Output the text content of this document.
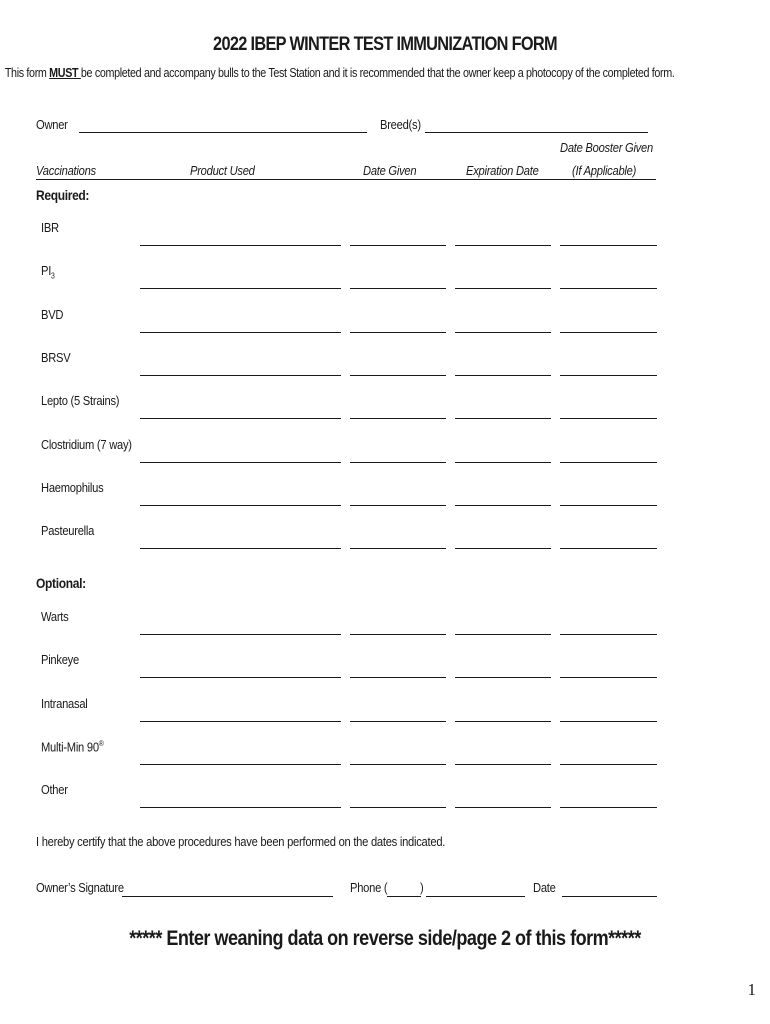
2022 IBEP WINTER TEST IMMUNIZATION FORM
This form MUST be completed and accompany bulls to the Test Station and it is recommended that the owner keep a photocopy of the completed form.
Owner	Breed(s)
Date Booster Given
Vaccinations	Product Used	Date Given	Expiration Date	(If Applicable)
Required:
IBR
$PI_3$
BVD
BRSV
Lepto (5 Strains)
Clostridium (7 way)
Haemophilus
Pasteurella
Optional:
Warts
Pinkeye
Intranasal
Multi-Min 90®
Other
I hereby certify that the above procedures have been performed on the dates indicated.
Owner’s Signature	Phone (	)	Date
***** Enter weaning data on reverse side/page 2 of this form*****
1
